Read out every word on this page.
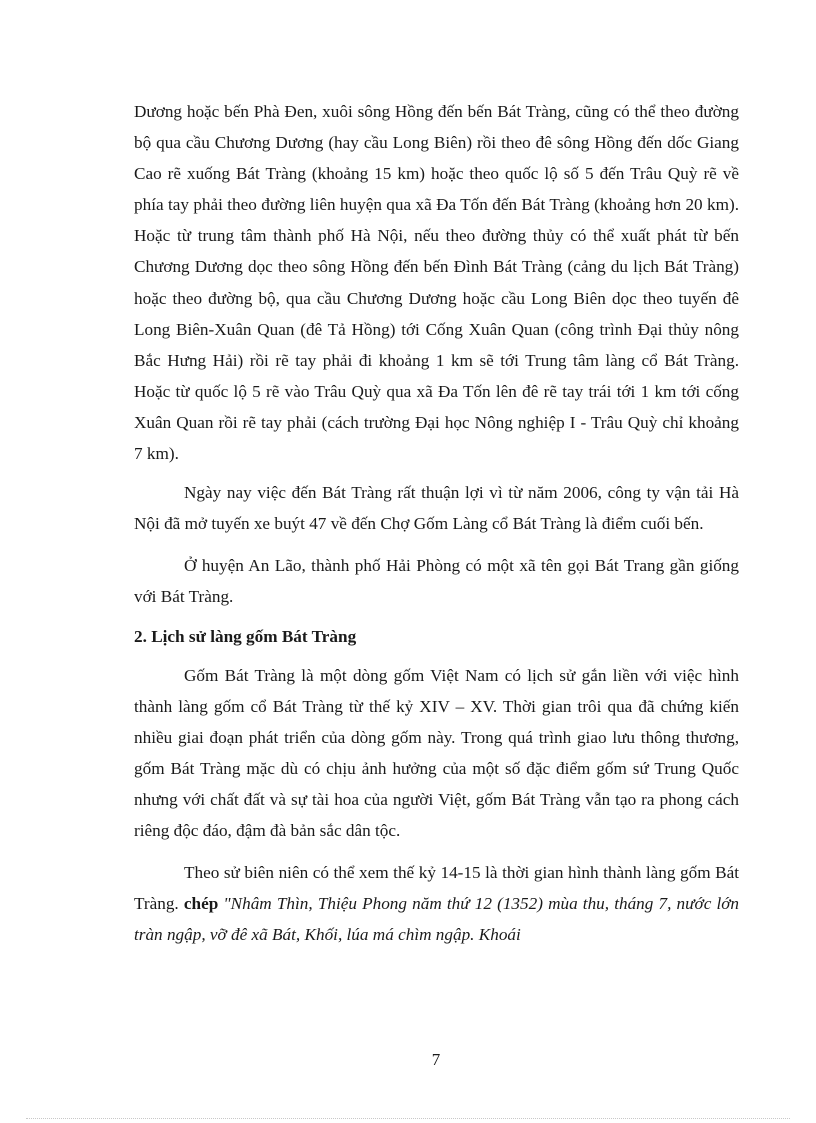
Dương hoặc bến Phà Đen, xuôi sông Hồng đến bến Bát Tràng, cũng có thể theo đường bộ qua cầu Chương Dương (hay cầu Long Biên) rồi theo đê sông Hồng đến dốc Giang Cao rẽ xuống Bát Tràng (khoảng 15 km) hoặc theo quốc lộ số 5 đến Trâu Quỳ rẽ về phía tay phải theo đường liên huyện qua xã Đa Tốn đến Bát Tràng (khoảng hơn 20 km). Hoặc từ trung tâm thành phố Hà Nội, nếu theo đường thủy có thể xuất phát từ bến Chương Dương dọc theo sông Hồng đến bến Đình Bát Tràng (cảng du lịch Bát Tràng) hoặc theo đường bộ, qua cầu Chương Dương hoặc cầu Long Biên dọc theo tuyến đê Long Biên-Xuân Quan (đê Tả Hồng) tới Cống Xuân Quan (công trình Đại thủy nông Bắc Hưng Hải) rồi rẽ tay phải đi khoảng 1 km sẽ tới Trung tâm làng cổ Bát Tràng. Hoặc từ quốc lộ 5 rẽ vào Trâu Quỳ qua xã Đa Tốn lên đê rẽ tay trái tới 1 km tới cống Xuân Quan rồi rẽ tay phải (cách trường Đại học Nông nghiệp I - Trâu Quỳ chỉ khoảng 7 km).

Ngày nay việc đến Bát Tràng rất thuận lợi vì từ năm 2006, công ty vận tải Hà Nội đã mở tuyến xe buýt 47 về đến Chợ Gốm Làng cổ Bát Tràng là điểm cuối bến.

Ở huyện An Lão, thành phố Hải Phòng có một xã tên gọi Bát Trang gần giống với Bát Tràng.

2. Lịch sử làng gốm Bát Tràng

Gốm Bát Tràng là một dòng gốm Việt Nam có lịch sử gắn liền với việc hình thành làng gốm cổ Bát Tràng từ thế kỷ XIV – XV. Thời gian trôi qua đã chứng kiến nhiều giai đoạn phát triển của dòng gốm này. Trong quá trình giao lưu thông thương, gốm Bát Tràng mặc dù có chịu ảnh hưởng của một số đặc điểm gốm sứ Trung Quốc nhưng với chất đất và sự tài hoa của người Việt, gốm Bát Tràng vẫn tạo ra phong cách riêng độc đáo, đậm đà bản sắc dân tộc.

Theo sử biên niên có thể xem thế kỷ 14-15 là thời gian hình thành làng gốm Bát Tràng. chép "Nhâm Thìn, Thiệu Phong năm thứ 12 (1352) mùa thu, tháng 7, nước lớn tràn ngập, vỡ đê xã Bát, Khối, lúa má chìm ngập. Khoái

7
